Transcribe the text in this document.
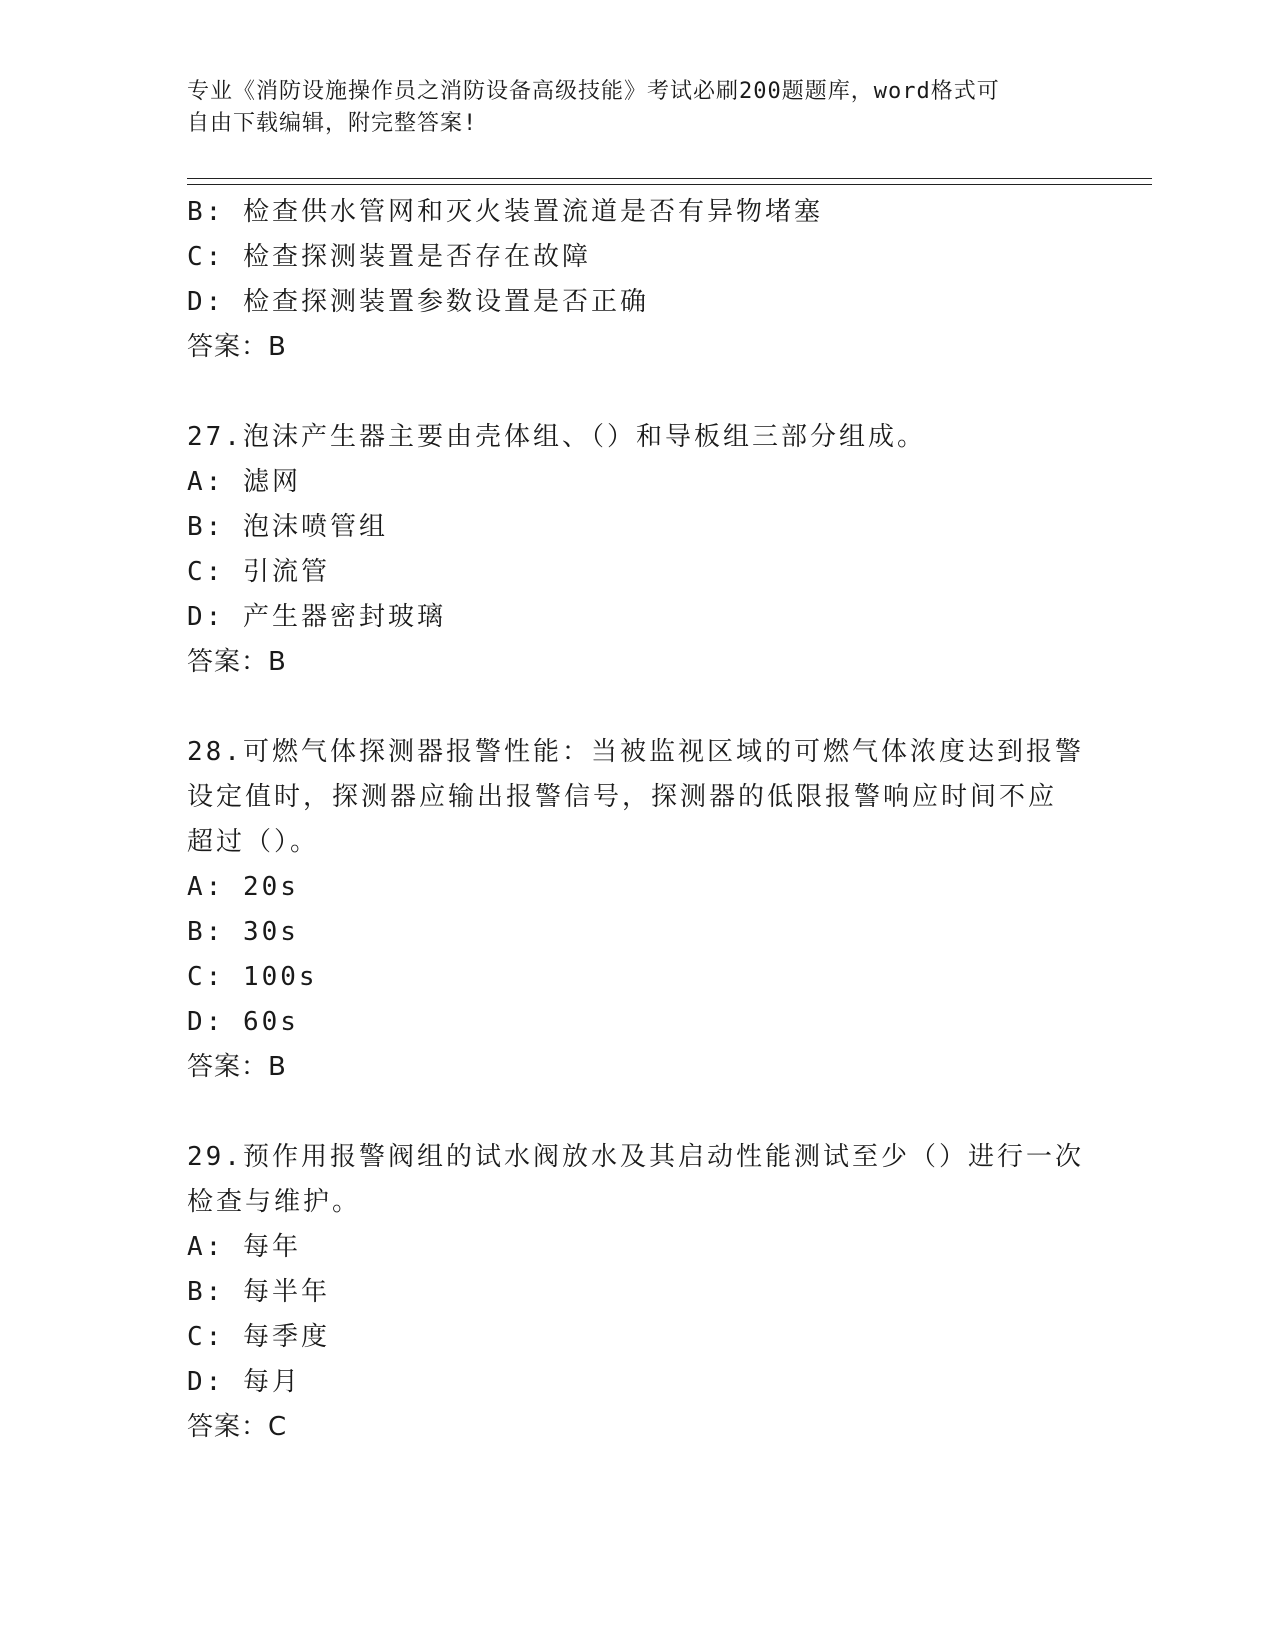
专业《消防设施操作员之消防设备高级技能》考试必刷200题题库，word格式可
自由下载编辑，附完整答案!
B: 检查供水管网和灭火装置流道是否有异物堵塞
C: 检查探测装置是否存在故障
D: 检查探测装置参数设置是否正确
答案：B
27.泡沫产生器主要由壳体组、（）和导板组三部分组成。
A: 滤网
B: 泡沫喷管组
C: 引流管
D: 产生器密封玻璃
答案：B
28.可燃气体探测器报警性能：当被监视区域的可燃气体浓度达到报警
设定值时，探测器应输出报警信号，探测器的低限报警响应时间不应
超过（）。
A: 20s
B: 30s
C: 100s
D: 60s
答案：B
29.预作用报警阀组的试水阀放水及其启动性能测试至少（）进行一次
检查与维护。
A: 每年
B: 每半年
C: 每季度
D: 每月
答案：C
